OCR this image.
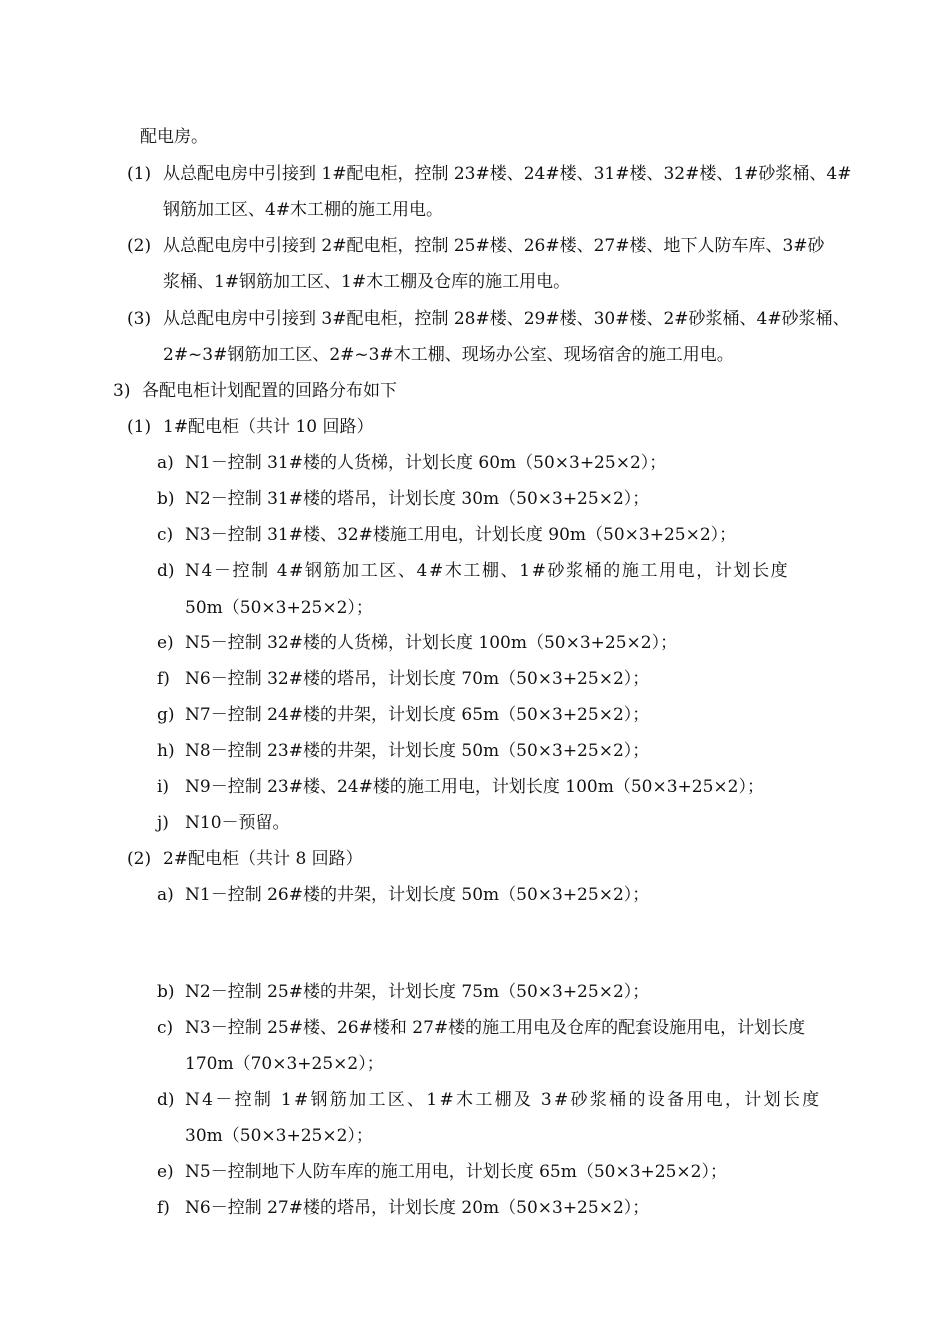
配电房。
(1) 从总配电房中引接到 1#配电柜，控制 23#楼、24#楼、31#楼、32#楼、1#砂浆桶、4#
钢筋加工区、4#木工棚的施工用电。
(2) 从总配电房中引接到 2#配电柜，控制 25#楼、26#楼、27#楼、地下人防车库、3#砂
浆桶、1#钢筋加工区、1#木工棚及仓库的施工用电。
(3) 从总配电房中引接到 3#配电柜，控制 28#楼、29#楼、30#楼、2#砂浆桶、4#砂浆桶、
2#~3#钢筋加工区、2#~3#木工棚、现场办公室、现场宿舍的施工用电。
3) 各配电柜计划配置的回路分布如下
(1) 1#配电柜（共计 10 回路）
a) N1－控制 31#楼的人货梯，计划长度 60m（50×3+25×2）；
b) N2－控制 31#楼的塔吊，计划长度 30m（50×3+25×2）；
c) N3－控制 31#楼、32#楼施工用电，计划长度 90m（50×3+25×2）；
d) N4－控制 4#钢筋加工区、4#木工棚、1#砂浆桶的施工用电，计划长度
50m（50×3+25×2）；
e) N5－控制 32#楼的人货梯，计划长度 100m（50×3+25×2）；
f) N6－控制 32#楼的塔吊，计划长度 70m（50×3+25×2）；
g) N7－控制 24#楼的井架，计划长度 65m（50×3+25×2）；
h) N8－控制 23#楼的井架，计划长度 50m（50×3+25×2）；
i) N9－控制 23#楼、24#楼的施工用电，计划长度 100m（50×3+25×2）；
j) N10－预留。
(2) 2#配电柜（共计 8 回路）
a) N1－控制 26#楼的井架，计划长度 50m（50×3+25×2）；
b) N2－控制 25#楼的井架，计划长度 75m（50×3+25×2）；
c) N3－控制 25#楼、26#楼和 27#楼的施工用电及仓库的配套设施用电，计划长度
170m（70×3+25×2）；
d) N4－控制 1#钢筋加工区、1#木工棚及 3#砂浆桶的设备用电，计划长度
30m（50×3+25×2）；
e) N5－控制地下人防车库的施工用电，计划长度 65m（50×3+25×2）；
f) N6－控制 27#楼的塔吊，计划长度 20m（50×3+25×2）；
